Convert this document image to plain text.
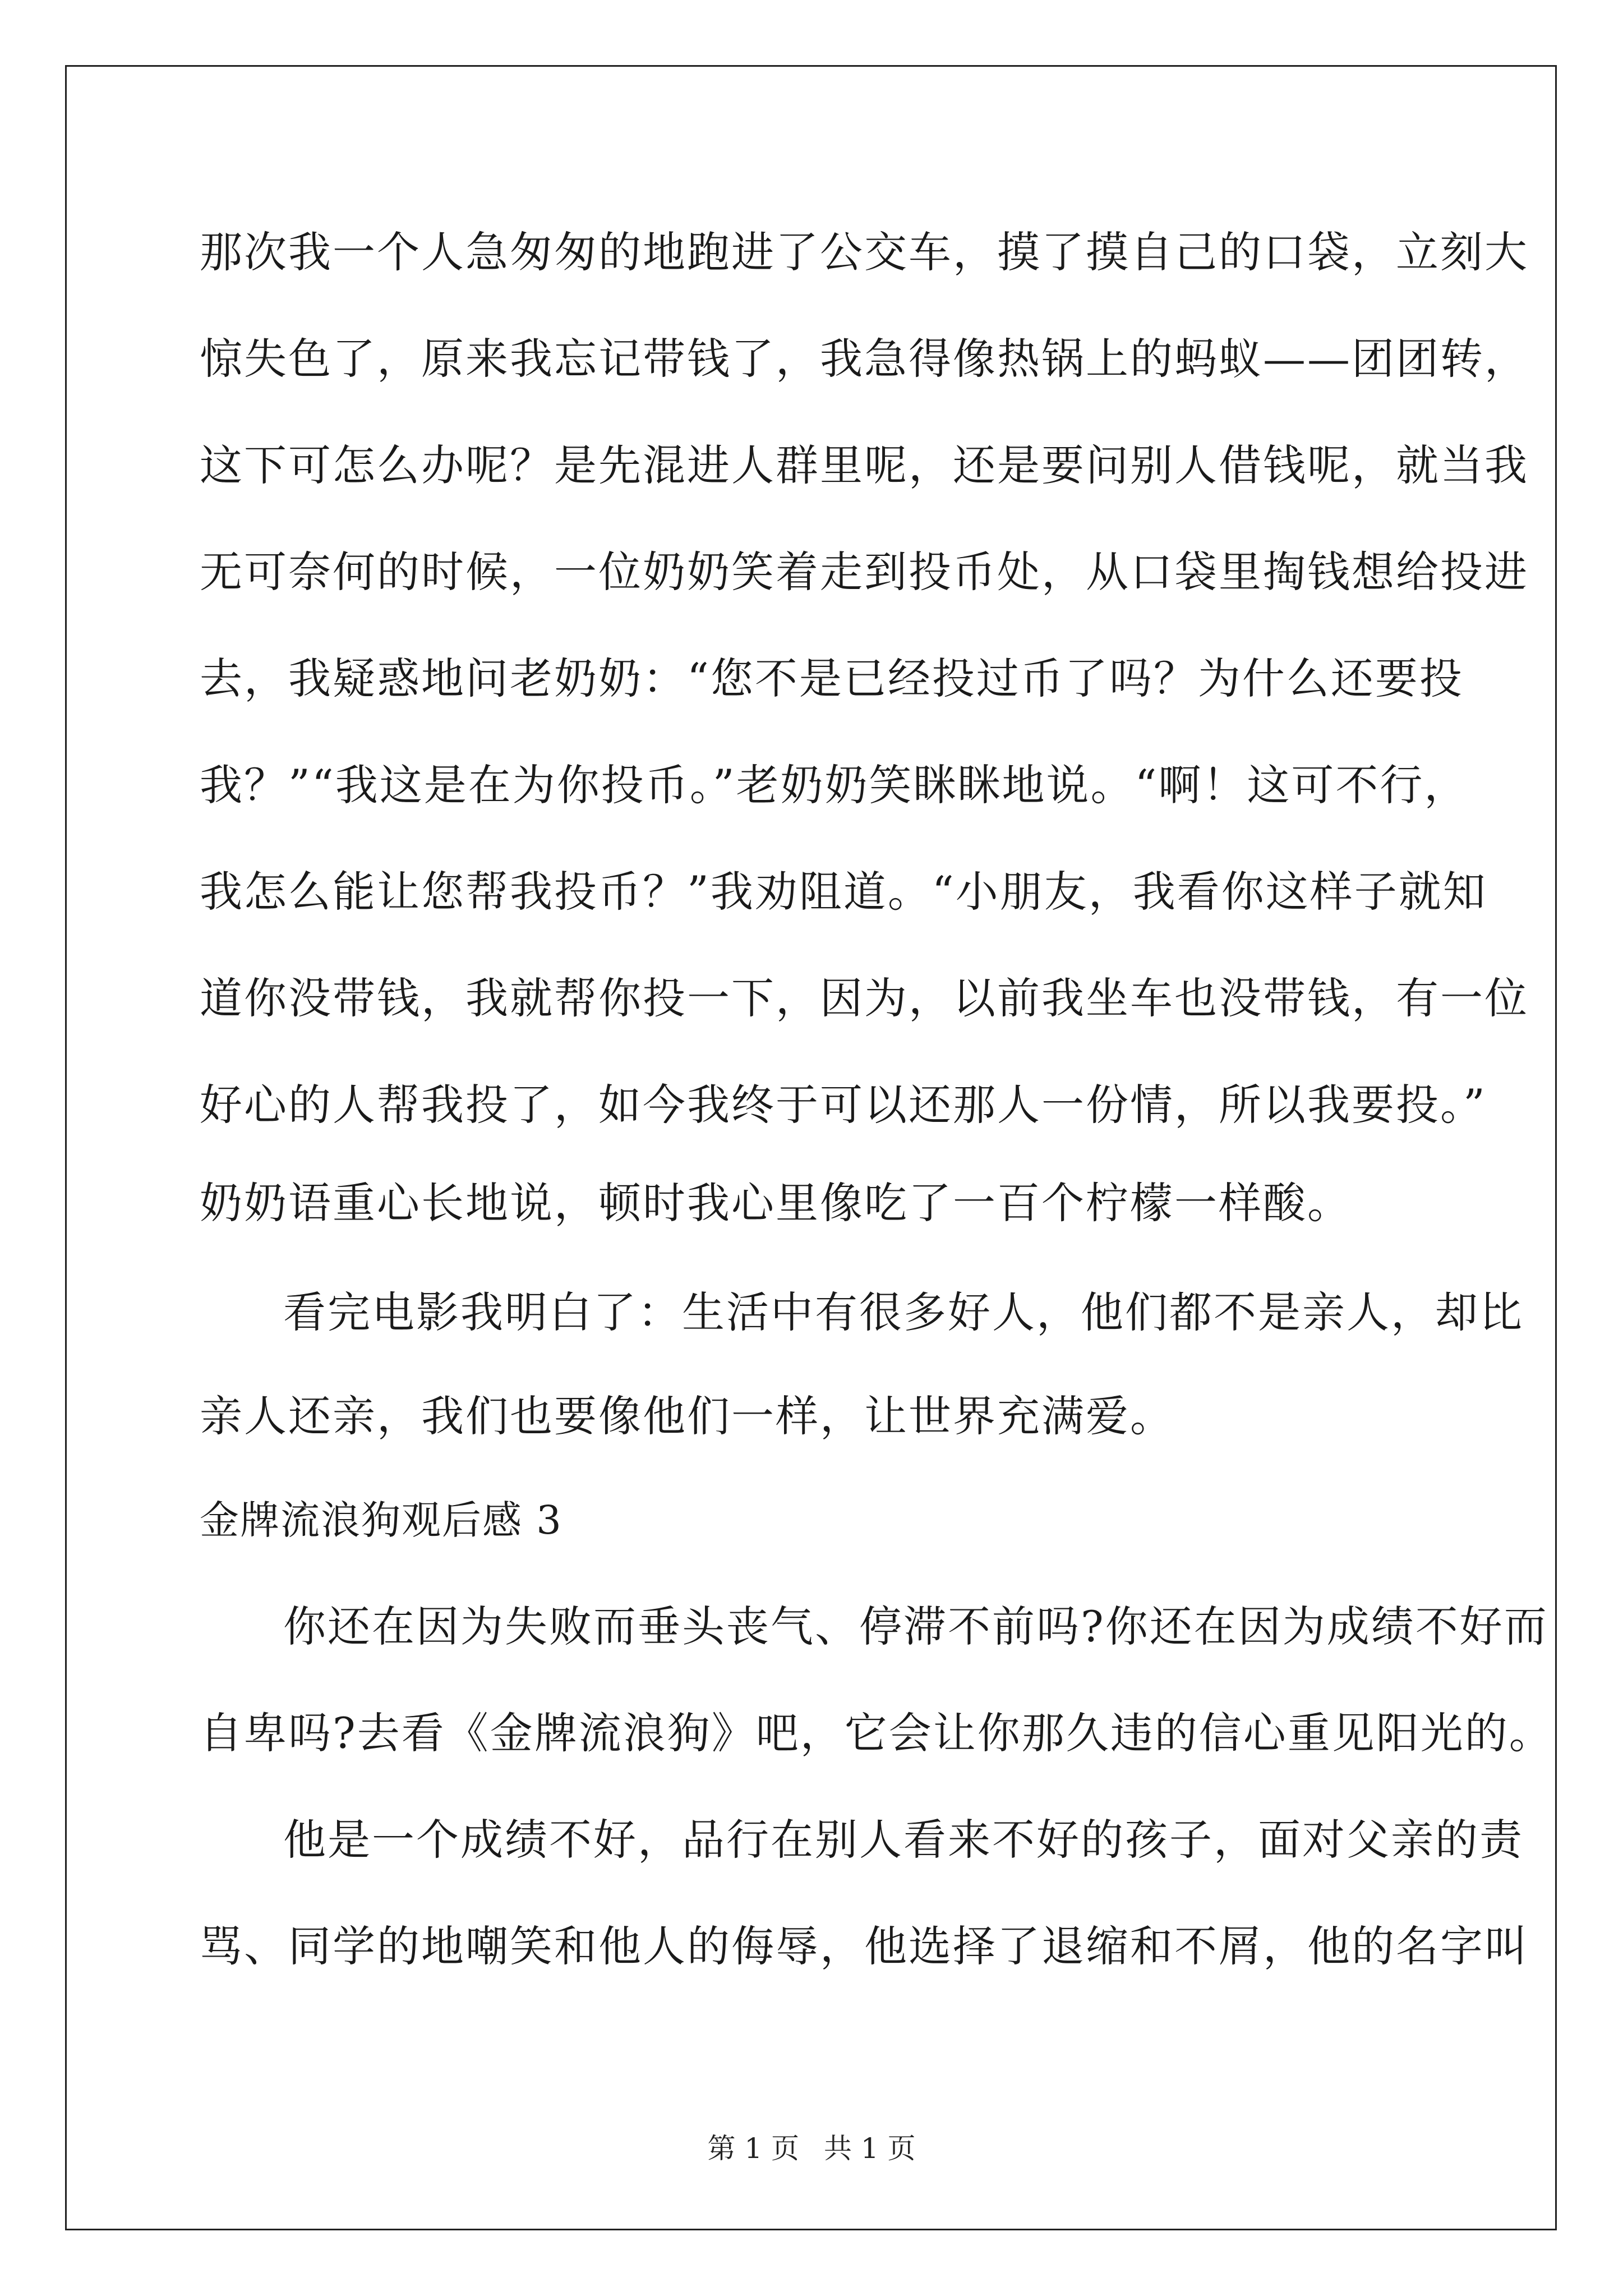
那次我一个人急匆匆的地跑进了公交车，摸了摸自己的口袋，立刻大
惊失色了，原来我忘记带钱了，我急得像热锅上的蚂蚁——团团转，
这下可怎么办呢？是先混进人群里呢，还是要问别人借钱呢，就当我
无可奈何的时候，一位奶奶笑着走到投币处，从口袋里掏钱想给投进
去，我疑惑地问老奶奶：“您不是已经投过币了吗？为什么还要投
我？”“我这是在为你投币。”老奶奶笑眯眯地说。“啊！这可不行，
我怎么能让您帮我投币？”我劝阻道。“小朋友，我看你这样子就知
道你没带钱，我就帮你投一下，因为，以前我坐车也没带钱，有一位
好心的人帮我投了，如今我终于可以还那人一份情，所以我要投。”
奶奶语重心长地说，顿时我心里像吃了一百个柠檬一样酸。
看完电影我明白了：生活中有很多好人，他们都不是亲人，却比
亲人还亲，我们也要像他们一样，让世界充满爱。
金牌流浪狗观后感 3
你还在因为失败而垂头丧气、停滞不前吗?你还在因为成绩不好而
自卑吗?去看《金牌流浪狗》吧，它会让你那久违的信心重见阳光的。
他是一个成绩不好，品行在别人看来不好的孩子，面对父亲的责
骂、同学的地嘲笑和他人的侮辱，他选择了退缩和不屑，他的名字叫
第 1 页 共 1 页
